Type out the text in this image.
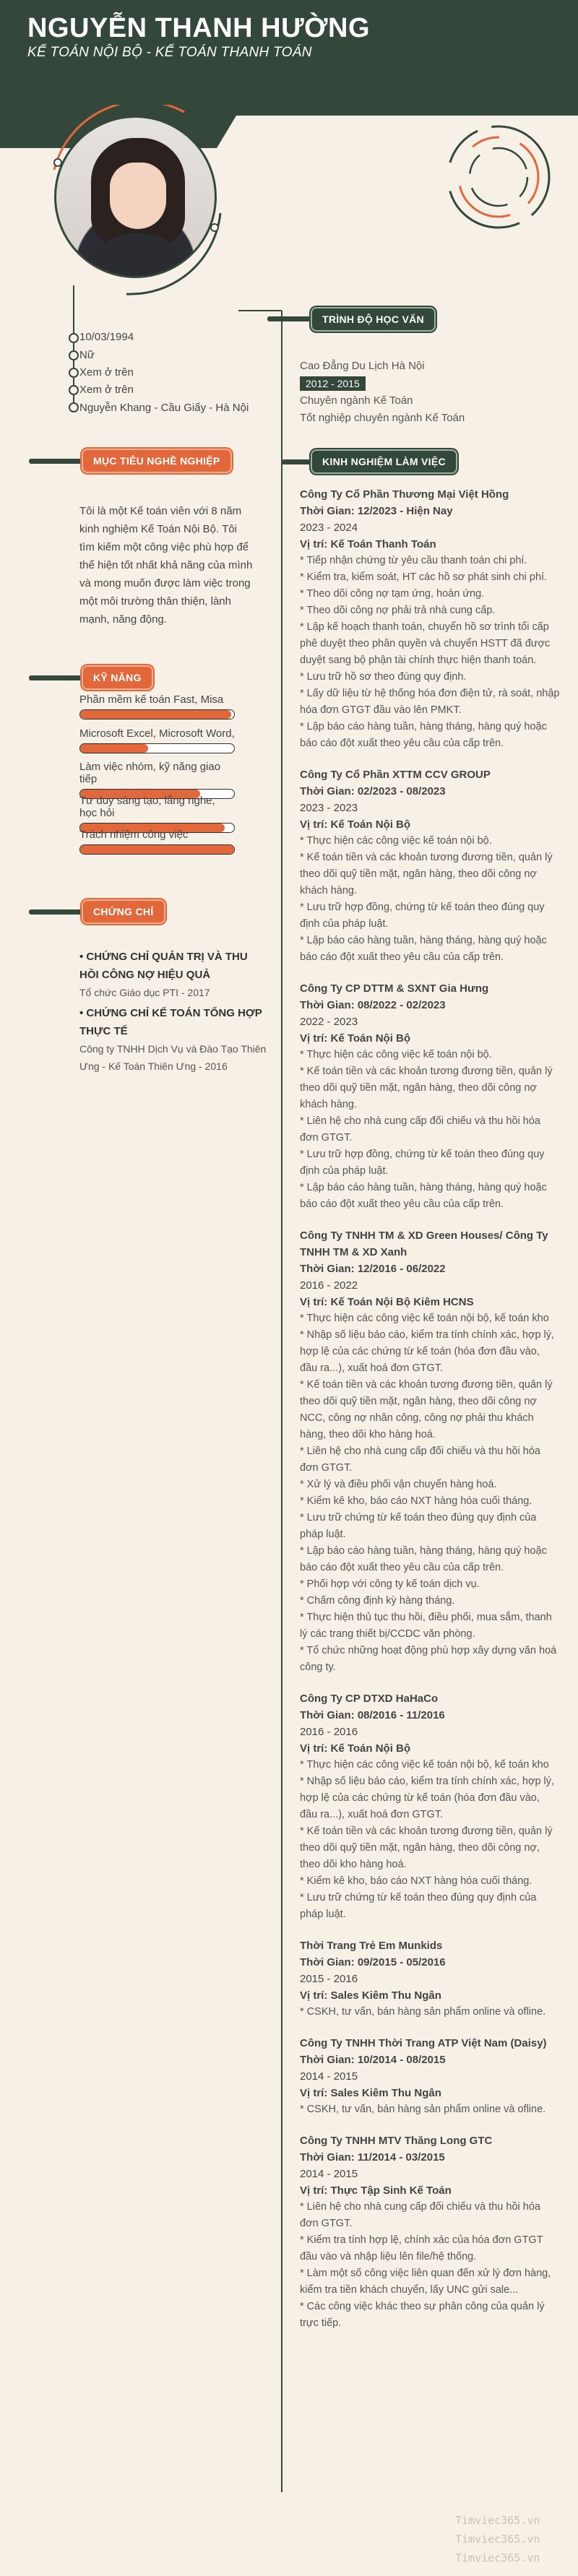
NGUYỄN THANH HƯỜNG
KẾ TOÁN NỘI BỘ - KẾ TOÁN THANH TOÁN
10/03/1994
Nữ
Xem ở trên
Xem ở trên
Nguyễn Khang - Cầu Giấy - Hà Nội
TRÌNH ĐỘ HỌC VẤN
MỤC TIÊU NGHỀ NGHIỆP	KINH NGHIỆM LÀM VIỆC
Tôi là một Kế toán viên với 8 năm kinh nghiệm Kế Toán Nội Bộ. Tôi tìm kiếm một công việc phù hợp để thể hiện tốt nhất khả năng của mình và mong muốn được làm việc trong một môi trường thân thiện, lành mạnh, năng động.
KỸ NĂNG
Phần mềm kế toán Fast, Misa
Microsoft Excel, Microsoft Word,
Làm việc nhóm, kỹ năng giao tiếp
Tư duy sáng tạo, lắng nghe, học hỏi
Trách nhiệm công việc
CHỨNG CHỈ
• CHỨNG CHỈ QUẢN TRỊ VÀ THU HỒI CÔNG NỢ HIỆU QUẢ
Tổ chức Giáo dục PTI - 2017
• CHỨNG CHỈ KẾ TOÁN TỔNG HỢP THỰC TẾ
Công ty TNHH Dịch Vụ và Đào Tạo Thiên Ưng - Kế Toán Thiên Ưng - 2016
Cao Đẳng Du Lịch Hà Nội
2012 - 2015
Chuyên ngành Kế Toán
Tốt nghiệp chuyên ngành Kế Toán
Công Ty Cổ Phần Thương Mại Việt Hồng
Thời Gian: 12/2023 - Hiện Nay
2023 - 2024
Vị trí: Kế Toán Thanh Toán
* Tiếp nhận chứng từ yêu cầu thanh toán chi phí.
* Kiểm tra, kiểm soát, HT các hồ sơ phát sinh chi phí.
* Theo dõi công nợ tạm ứng, hoàn ứng.
* Theo dõi công nợ phải trả nhà cung cấp.
* Lập kế hoạch thanh toán, chuyển hồ sơ trình tổi cấp phê duyệt theo phân quyền và chuyển HSTT đã được duyệt sang bộ phận tài chính thực hiện thanh toán.
* Lưu trữ hồ sơ theo đúng quy định.
* Lấy dữ liệu từ hệ thống hóa đơn điện tử, rà soát, nhập hóa đơn GTGT đầu vào lên PMKT.
* Lập báo cáo hàng tuần, hàng tháng, hàng quý hoặc báo cáo đột xuất theo yêu cầu của cấp trên.
Công Ty Cổ Phần XTTM CCV GROUP
Thời Gian: 02/2023 - 08/2023
2023 - 2023
Vị trí: Kế Toán Nội Bộ
* Thực hiện các công việc kế toán nội bộ.
* Kế toán tiền và các khoản tương đương tiền, quản lý theo dõi quỹ tiền mặt, ngân hàng, theo dõi công nợ khách hàng.
* Lưu trữ hợp đồng, chứng từ kế toán theo đúng quy định của pháp luật.
* Lập báo cáo hàng tuần, hàng tháng, hàng quý hoặc báo cáo đột xuất theo yêu cầu của cấp trên.
Công Ty CP DTTM & SXNT Gia Hưng
Thời Gian: 08/2022 - 02/2023
2022 - 2023
Vị trí: Kế Toán Nội Bộ
* Thực hiện các công việc kế toán nội bộ.
* Kế toán tiền và các khoản tương đương tiền, quản lý theo dõi quỹ tiền mặt, ngân hàng, theo dõi công nợ khách hàng.
* Liên hệ cho nhà cung cấp đối chiếu và thu hồi hóa đơn GTGT.
* Lưu trữ hợp đồng, chứng từ kế toán theo đúng quy định của pháp luật.
* Lập báo cáo hàng tuần, hàng tháng, hàng quý hoặc báo cáo đột xuất theo yêu cầu của cấp trên.
Công Ty TNHH TM & XD Green Houses/ Công Ty TNHH TM & XD Xanh
Thời Gian: 12/2016 - 06/2022
2016 - 2022
Vị trí: Kế Toán Nội Bộ Kiêm HCNS
* Thực hiện các công việc kế toán nội bộ, kế toán kho
* Nhập số liệu báo cáo, kiểm tra tính chính xác, hợp lý, hợp lệ của các chứng từ kế toán (hóa đơn đầu vào, đầu ra...), xuất hoá đơn GTGT.
* Kế toán tiền và các khoản tương đương tiền, quản lý theo dõi quỹ tiền mặt, ngân hàng, theo dõi công nợ NCC, công nợ nhân công, công nợ phải thu khách hàng, theo dõi kho hàng hoá.
* Liên hệ cho nhà cung cấp đối chiếu và thu hồi hóa đơn GTGT.
* Xử lý và điều phối vận chuyển hàng hoá.
* Kiểm kê kho, báo cáo NXT hàng hóa cuối tháng.
* Lưu trữ chứng từ kế toán theo đúng quy định của pháp luật.
* Lập báo cáo hàng tuần, hàng tháng, hàng quý hoặc báo cáo đột xuất theo yêu cầu của cấp trên.
* Phối hợp với công ty kế toán dịch vụ.
* Chấm công định kỳ hàng tháng.
* Thực hiện thủ tục thu hồi, điều phối, mua sắm, thanh lý các trang thiết bị/CCDC văn phòng.
* Tổ chức những hoạt động phù hợp xây dựng văn hoá công ty.
Công Ty CP DTXD HaHaCo
Thời Gian: 08/2016 - 11/2016
2016 - 2016
Vị trí: Kế Toán Nội Bộ
* Thực hiện các công việc kế toán nội bộ, kế toán kho
* Nhập số liệu báo cáo, kiểm tra tính chính xác, hợp lý, hợp lệ của các chứng từ kế toán (hóa đơn đầu vào, đầu ra...), xuất hoá đơn GTGT.
* Kế toán tiền và các khoản tương đương tiền, quản lý theo dõi quỹ tiền mặt, ngân hàng, theo dõi công nợ, theo dõi kho hàng hoá.
* Kiểm kê kho, báo cáo NXT hàng hóa cuối tháng.
* Lưu trữ chứng từ kế toán theo đúng quy định của pháp luật.
Thời Trang Trẻ Em Munkids
Thời Gian: 09/2015 - 05/2016
2015 - 2016
Vị trí: Sales Kiêm Thu Ngân
* CSKH, tư vấn, bán hàng sản phẩm online và ofline.
Công Ty TNHH Thời Trang ATP Việt Nam (Daisy)
Thời Gian: 10/2014 - 08/2015
2014 - 2015
Vị trí: Sales Kiêm Thu Ngân
* CSKH, tư vấn, bán hàng sản phẩm online và ofline.
Công Ty TNHH MTV Thăng Long GTC
Thời Gian: 11/2014 - 03/2015
2014 - 2015
Vị trí: Thực Tập Sinh Kế Toán
* Liên hệ cho nhà cung cấp đối chiếu và thu hồi hóa đơn GTGT.
* Kiểm tra tính hợp lệ, chính xác của hóa đơn GTGT đầu vào và nhập liệu lên file/hệ thống.
* Làm một số công việc liên quan đến xử lý đơn hàng, kiểm tra tiền khách chuyển, lấy UNC gửi sale...
* Các công việc khác theo sự phân công của quản lý trực tiếp.
Timviec365.vn
Timviec365.vn
Timviec365.vn
